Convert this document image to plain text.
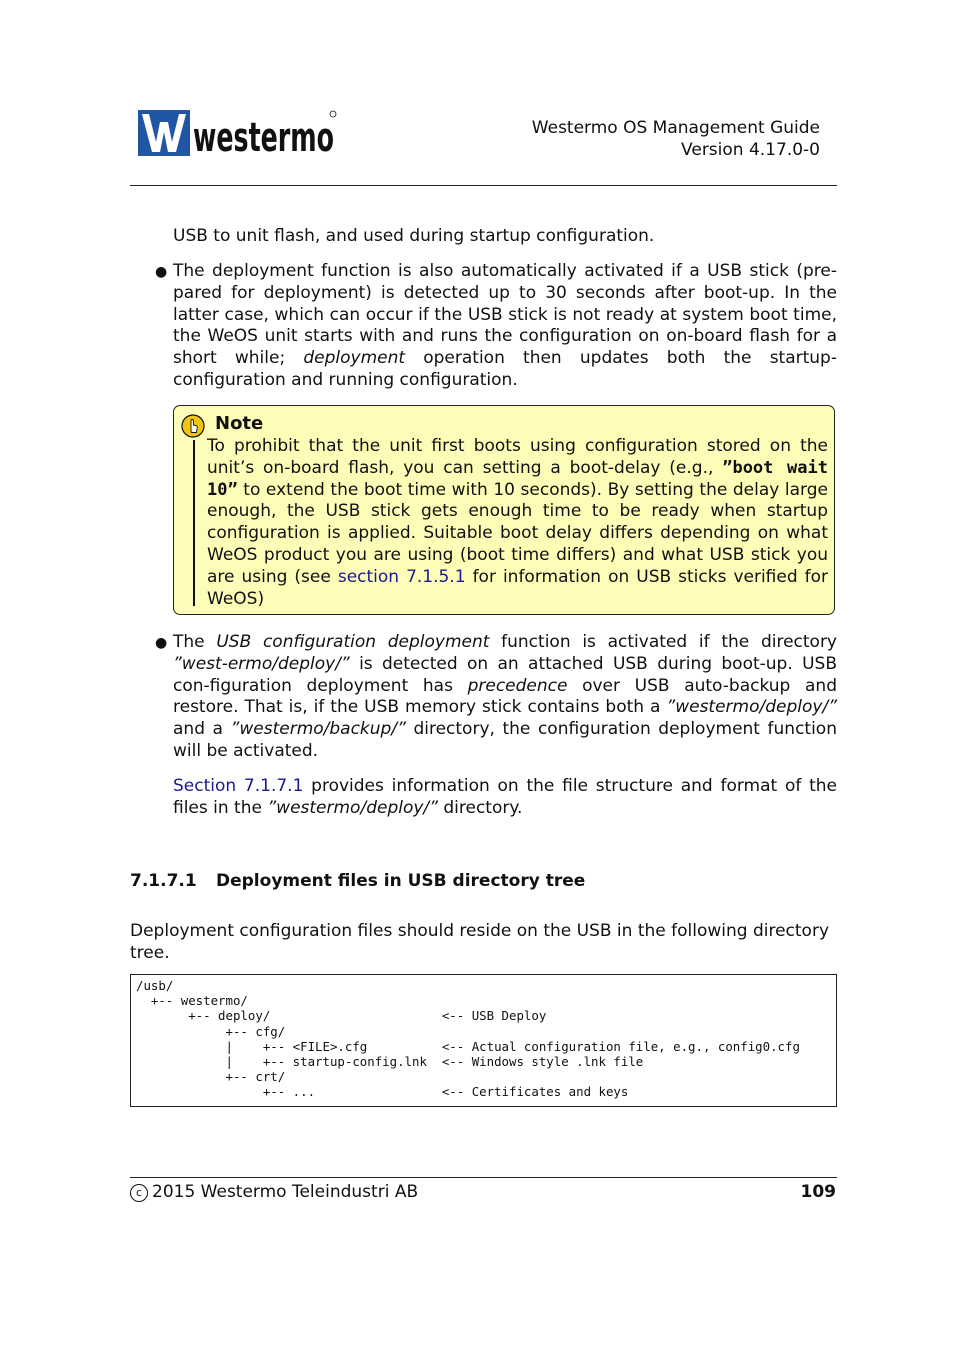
westermo	Westermo OS Management Guide
Version 4.17.0-0
USB to unit flash, and used during startup configuration.
● The deployment function is also automatically activated if a USB stick (pre-pared for deployment) is detected up to 30 seconds after boot-up. In the latter case, which can occur if the USB stick is not ready at system boot time, the WeOS unit starts with and runs the configuration on on-board flash for a short while; deployment operation then updates both the startup-configuration and running configuration.
Note
To prohibit that the unit first boots using configuration stored on the unit’s on-board flash, you can setting a boot-delay (e.g., ”boot wait 10” to extend the boot time with 10 seconds). By setting the delay large enough, the USB stick gets enough time to be ready when startup configuration is applied. Suitable boot delay differs depending on what WeOS product you are using (boot time differs) and what USB stick you are using (see section 7.1.5.1 for information on USB sticks verified for WeOS)
● The USB configuration deployment function is activated if the directory ”west-ermo/deploy/” is detected on an attached USB during boot-up. USB con-figuration deployment has precedence over USB auto-backup and restore. That is, if the USB memory stick contains both a ”westermo/deploy/” and a ”westermo/backup/” directory, the configuration deployment function will be activated.
Section 7.1.7.1 provides information on the file structure and format of the files in the ”westermo/deploy/” directory.
7.1.7.1 Deployment files in USB directory tree
Deployment configuration files should reside on the USB in the following directory tree.
/usb/
+-- westermo/
+-- deploy/                       <-- USB Deploy
+-- cfg/
|    +-- <FILE>.cfg          <-- Actual configuration file, e.g., config0.cfg
|    +-- startup-config.lnk  <-- Windows style .lnk file
+-- crt/
+-- ...                 <-- Certificates and keys
c 2015 Westermo Teleindustri AB	109
